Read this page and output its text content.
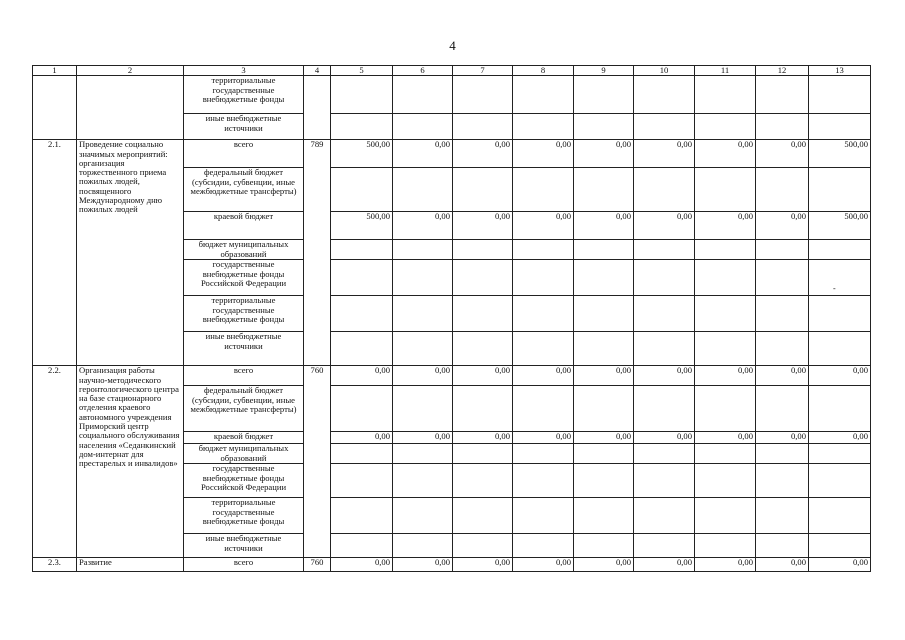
4
1	2	3	4	5	6	7	8	9	10	11	12	13
		территориальные государственные внебюджетные фонды										
		иные внебюджетные источники										
2.1.	Проведение социально значимых мероприятий: организация торжественного приема пожилых людей, посвященного Международному дню пожилых людей	всего	789	500,00	0,00	0,00	0,00	0,00	0,00	0,00	0,00	500,00
		федеральный бюджет (субсидии, субвенции, иные межбюджетные трансферты)										
		краевой бюджет		500,00	0,00	0,00	0,00	0,00	0,00	0,00	0,00	500,00
		бюджет муниципальных образований										
		государственные внебюджетные фонды Российской Федерации										
		территориальные государственные внебюджетные фонды										
		иные внебюджетные источники										
2.2.	Организация работы научно-методического геронтологического центра на базе стационарного отделения краевого автономного учреждения Приморский центр социального обслуживания населения «Седанкинский дом-интернат для престарелых и инвалидов»	всего	760	0,00	0,00	0,00	0,00	0,00	0,00	0,00	0,00	0,00
		федеральный бюджет (субсидии, субвенции, иные межбюджетные трансферты)										
		краевой бюджет		0,00	0,00	0,00	0,00	0,00	0,00	0,00	0,00	0,00
		бюджет муниципальных образований										
		государственные внебюджетные фонды Российской Федерации										
		территориальные государственные внебюджетные фонды										
		иные внебюджетные источники										
2.3.	Развитие	всего	760	0,00	0,00	0,00	0,00	0,00	0,00	0,00	0,00	0,00
-
